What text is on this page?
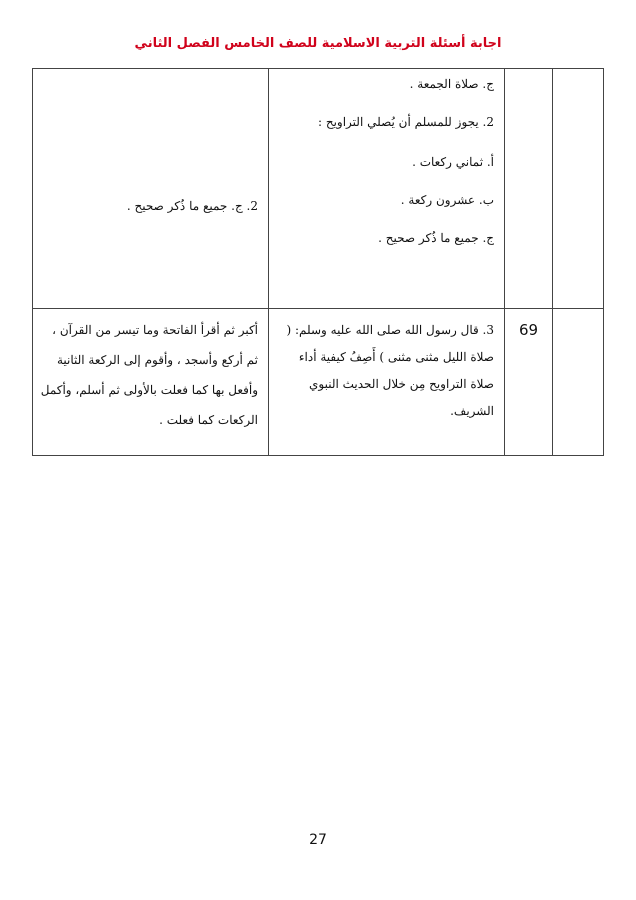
اجابة أسئلة التربية الاسلامية للصف الخامس الفصل الثاني

		ج. صلاة الجمعة .

2. يجوز للمسلم أن يُصلي التراويح :

أ. ثماني ركعات .

ب. عشرون ركعة .

ج. جميع ما ذُكر صحيح .	2. ج. جميع ما ذُكر صحيح .

	69	3. قال رسول الله صلى الله عليه وسلم: ( صلاة الليل مثنى مثنى ) أَصِفُ كيفية أداء صلاة التراويح مِن خلال الحديث النبوي الشريف.	أكبر ثم أقرأ الفاتحة وما تيسر من القرآن ، ثم أركع وأسجد ، وأقوم إلى الركعة الثانية وأفعل بها كما فعلت بالأولى ثم أسلم، وأكمل الركعات كما فعلت .
27
